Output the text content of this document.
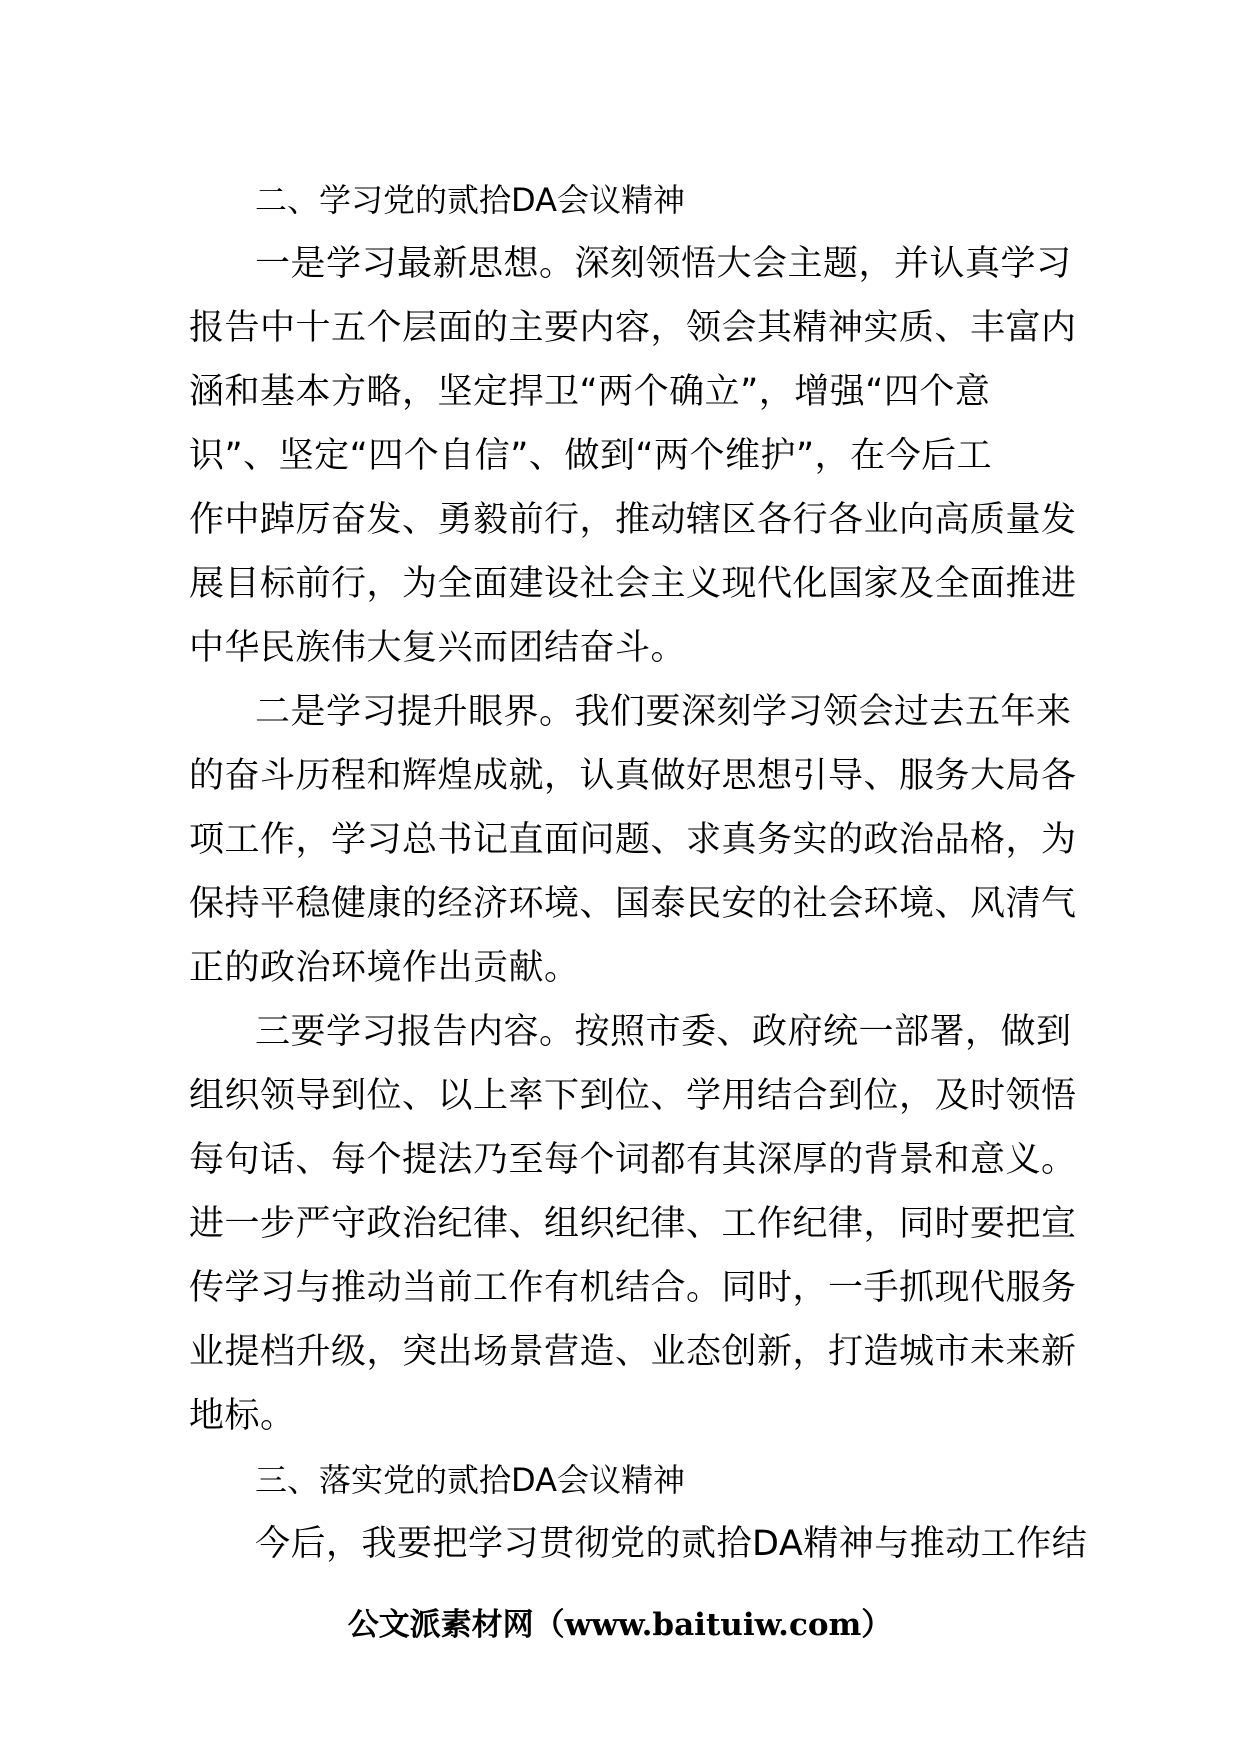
二、学习党的贰拾DA会议精神
一是学习最新思想。深刻领悟大会主题，并认真学习
报告中十五个层面的主要内容，领会其精神实质、丰富内
涵和基本方略，坚定捍卫“两个确立”，增强“四个意
识”、坚定“四个自信”、做到“两个维护”，在今后工
作中踔厉奋发、勇毅前行，推动辖区各行各业向高质量发
展目标前行，为全面建设社会主义现代化国家及全面推进
中华民族伟大复兴而团结奋斗。
二是学习提升眼界。我们要深刻学习领会过去五年来
的奋斗历程和辉煌成就，认真做好思想引导、服务大局各
项工作，学习总书记直面问题、求真务实的政治品格，为
保持平稳健康的经济环境、国泰民安的社会环境、风清气
正的政治环境作出贡献。
三要学习报告内容。按照市委、政府统一部署，做到
组织领导到位、以上率下到位、学用结合到位，及时领悟
每句话、每个提法乃至每个词都有其深厚的背景和意义。
进一步严守政治纪律、组织纪律、工作纪律，同时要把宣
传学习与推动当前工作有机结合。同时，一手抓现代服务
业提档升级，突出场景营造、业态创新，打造城市未来新
地标。
三、落实党的贰拾DA会议精神
今后，我要把学习贯彻党的贰拾DA精神与推动工作结
公文派素材网（www.baituiw.com）
